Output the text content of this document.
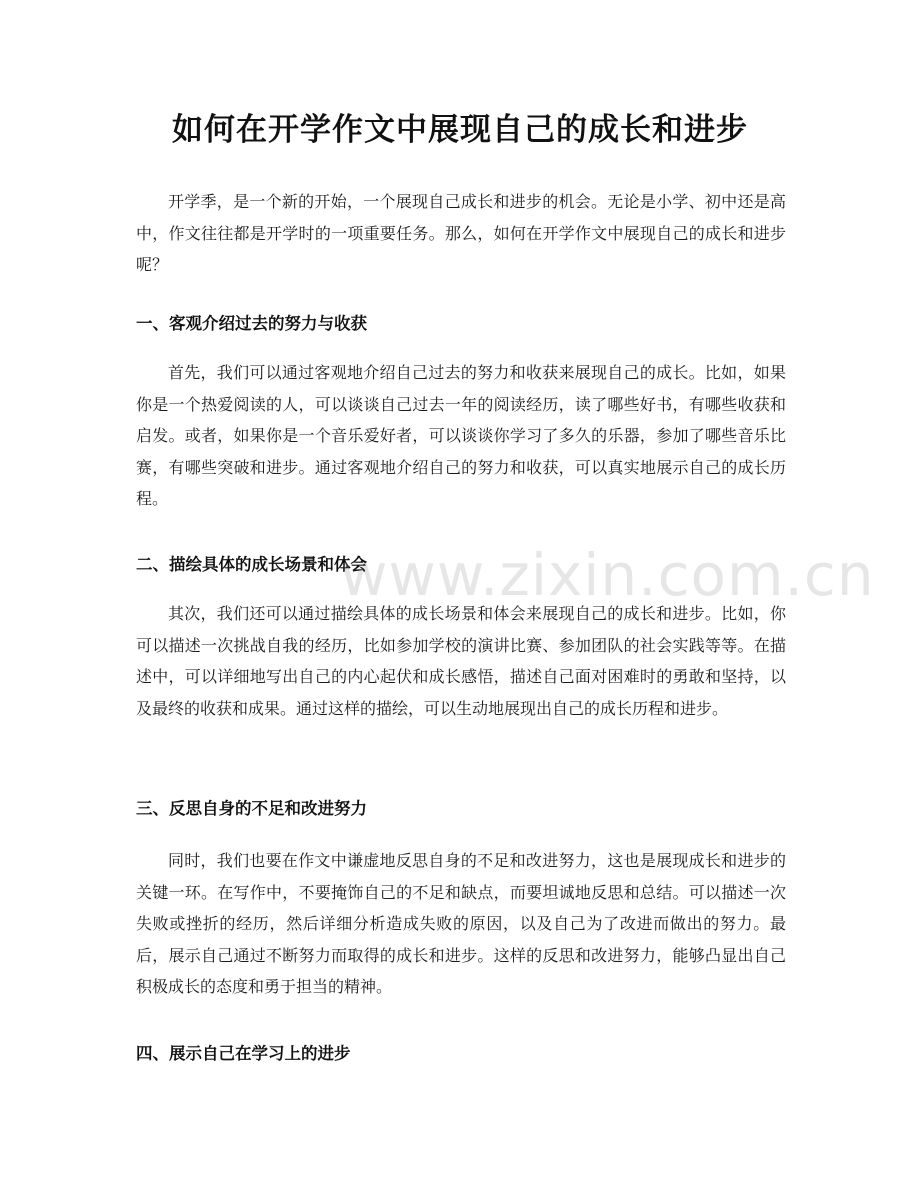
如何在开学作文中展现自己的成长和进步

开学季，是一个新的开始，一个展现自己成长和进步的机会。无论是小学、初中还是高中，作文往往都是开学时的一项重要任务。那么，如何在开学作文中展现自己的成长和进步呢？

一、客观介绍过去的努力与收获

首先，我们可以通过客观地介绍自己过去的努力和收获来展现自己的成长。比如，如果你是一个热爱阅读的人，可以谈谈自己过去一年的阅读经历，读了哪些好书，有哪些收获和启发。或者，如果你是一个音乐爱好者，可以谈谈你学习了多久的乐器，参加了哪些音乐比赛，有哪些突破和进步。通过客观地介绍自己的努力和收获，可以真实地展示自己的成长历程。

二、描绘具体的成长场景和体会

其次，我们还可以通过描绘具体的成长场景和体会来展现自己的成长和进步。比如，你可以描述一次挑战自我的经历，比如参加学校的演讲比赛、参加团队的社会实践等等。在描述中，可以详细地写出自己的内心起伏和成长感悟，描述自己面对困难时的勇敢和坚持，以及最终的收获和成果。通过这样的描绘，可以生动地展现出自己的成长历程和进步。

三、反思自身的不足和改进努力

同时，我们也要在作文中谦虚地反思自身的不足和改进努力，这也是展现成长和进步的关键一环。在写作中，不要掩饰自己的不足和缺点，而要坦诚地反思和总结。可以描述一次失败或挫折的经历，然后详细分析造成失败的原因，以及自己为了改进而做出的努力。最后，展示自己通过不断努力而取得的成长和进步。这样的反思和改进努力，能够凸显出自己积极成长的态度和勇于担当的精神。

四、展示自己在学习上的进步
www.zixin.com.cn
